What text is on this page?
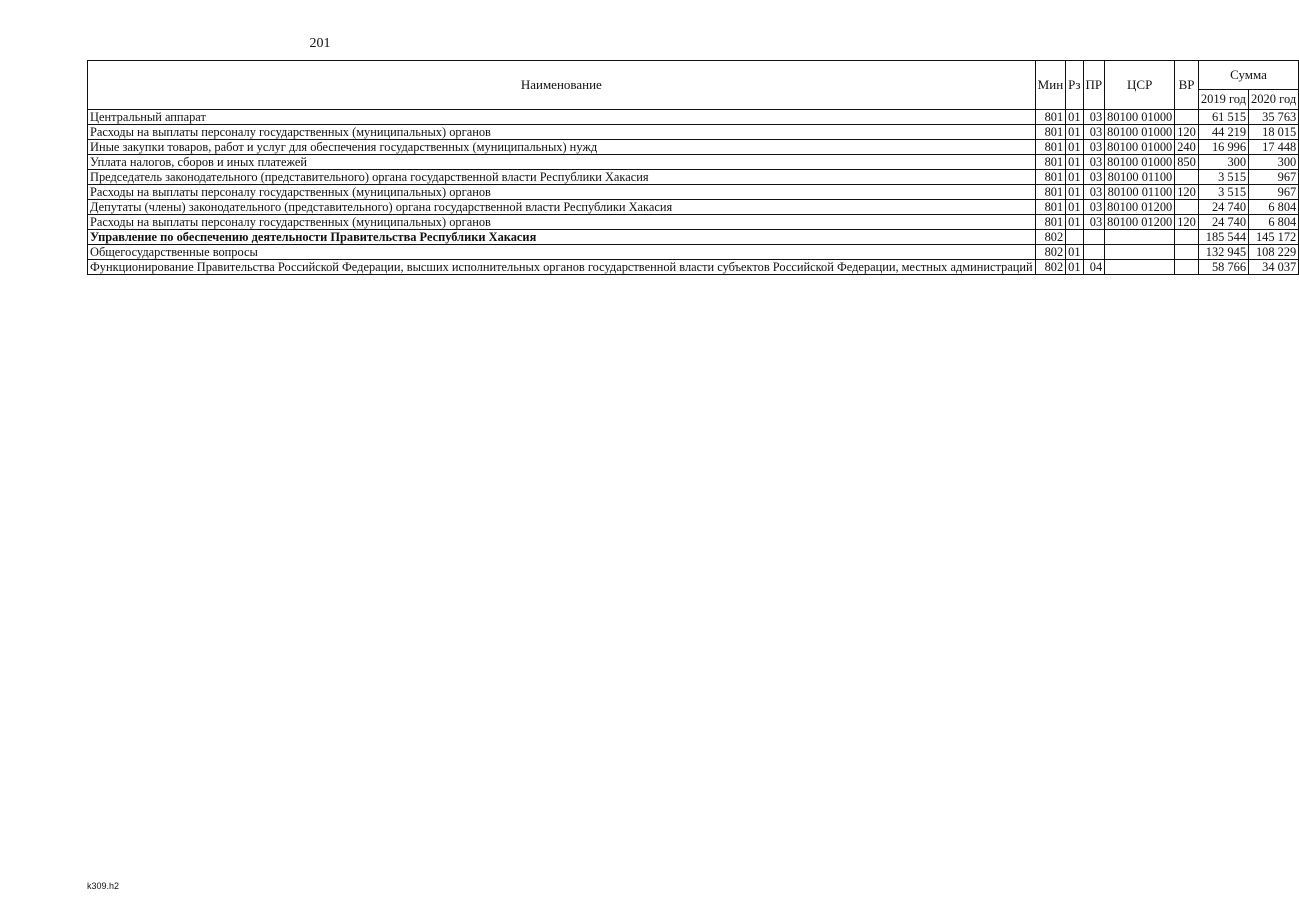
201
Наименование	Мин	Рз	ПР	ЦСР	ВР	Сумма	
						2019 год	2020 год
Центральный аппарат	801	01	03	80100 01000		61 515	35 763
Расходы на выплаты персоналу государственных (муниципальных) органов	801	01	03	80100 01000	120	44 219	18 015
Иные закупки товаров, работ и услуг для обеспечения государственных (муниципальных) нужд	801	01	03	80100 01000	240	16 996	17 448
Уплата налогов, сборов и иных платежей	801	01	03	80100 01000	850	300	300
Председатель законодательного (представительного) органа государственной власти Республики Хакасия	801	01	03	80100 01100		3 515	967
Расходы на выплаты персоналу государственных (муниципальных) органов	801	01	03	80100 01100	120	3 515	967
Депутаты (члены) законодательного (представительного) органа государственной власти Республики Хакасия	801	01	03	80100 01200		24 740	6 804
Расходы на выплаты персоналу государственных (муниципальных) органов	801	01	03	80100 01200	120	24 740	6 804
Управление по обеспечению деятельности Правительства Республики Хакасия	802					185 544	145 172
Общегосударственные вопросы	802	01				132 945	108 229
Функционирование Правительства Российской Федерации, высших исполнительных органов государственной власти субъектов Российской Федерации, местных администраций	802	01	04			58 766	34 037
k309.h2
